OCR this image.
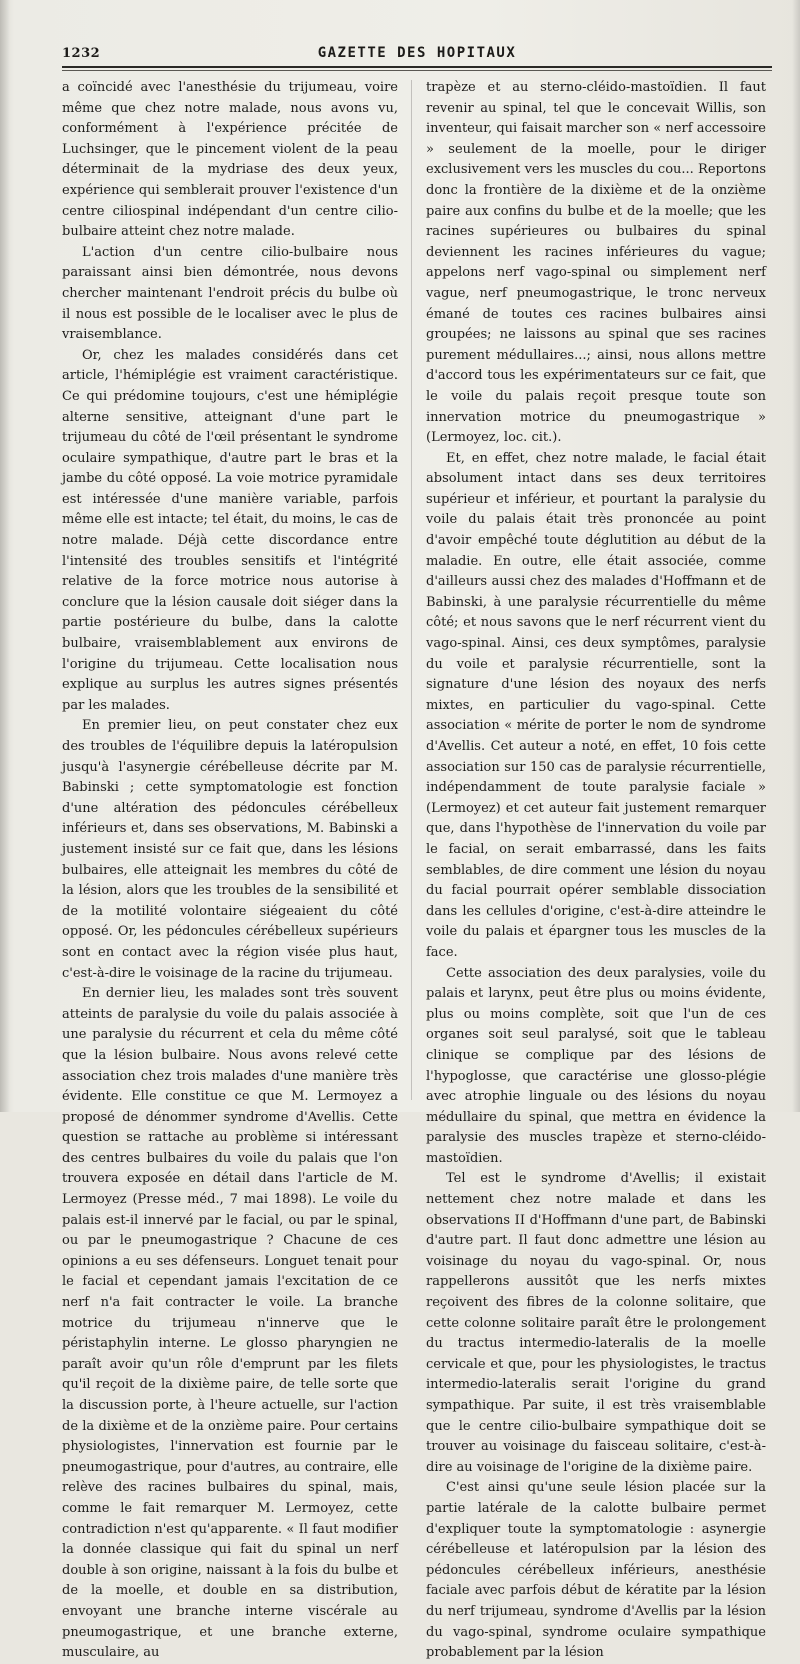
1232	GAZETTE DES HOPITAUX

a coïncidé avec l'anesthésie du trijumeau, voire même que chez notre malade, nous avons vu, conformément à l'expérience précitée de Luchsinger, que le pincement violent de la peau déterminait de la mydriase des deux yeux, expérience qui semblerait prouver l'existence d'un centre ciliospinal indépendant d'un centre cilio-bulbaire atteint chez notre malade.

L'action d'un centre cilio-bulbaire nous paraissant ainsi bien démontrée, nous devons chercher maintenant l'endroit précis du bulbe où il nous est possible de le localiser avec le plus de vraisemblance.

Or, chez les malades considérés dans cet article, l'hémiplégie est vraiment caractéristique. Ce qui prédomine toujours, c'est une hémiplégie alterne sensitive, atteignant d'une part le trijumeau du côté de l'œil présentant le syndrome oculaire sympathique, d'autre part le bras et la jambe du côté opposé. La voie motrice pyramidale est intéressée d'une manière variable, parfois même elle est intacte; tel était, du moins, le cas de notre malade. Déjà cette discordance entre l'intensité des troubles sensitifs et l'intégrité relative de la force motrice nous autorise à conclure que la lésion causale doit siéger dans la partie postérieure du bulbe, dans la calotte bulbaire, vraisemblablement aux environs de l'origine du trijumeau. Cette localisation nous explique au surplus les autres signes présentés par les malades.

En premier lieu, on peut constater chez eux des troubles de l'équilibre depuis la latéropulsion jusqu'à l'asynergie cérébelleuse décrite par M. Babinski ; cette symptomatologie est fonction d'une altération des pédoncules cérébelleux inférieurs et, dans ses observations, M. Babinski a justement insisté sur ce fait que, dans les lésions bulbaires, elle atteignait les membres du côté de la lésion, alors que les troubles de la sensibilité et de la motilité volontaire siégeaient du côté opposé. Or, les pédoncules cérébelleux supérieurs sont en contact avec la région visée plus haut, c'est-à-dire le voisinage de la racine du trijumeau.

En dernier lieu, les malades sont très souvent atteints de paralysie du voile du palais associée à une paralysie du récurrent et cela du même côté que la lésion bulbaire. Nous avons relevé cette association chez trois malades d'une manière très évidente. Elle constitue ce que M. Lermoyez a proposé de dénommer syndrome d'Avellis. Cette question se rattache au problème si intéressant des centres bulbaires du voile du palais que l'on trouvera exposée en détail dans l'article de M. Lermoyez (Presse méd., 7 mai 1898). Le voile du palais est-il innervé par le facial, ou par le spinal, ou par le pneumogastrique ? Chacune de ces opinions a eu ses défenseurs. Longuet tenait pour le facial et cependant jamais l'excitation de ce nerf n'a fait contracter le voile. La branche motrice du trijumeau n'innerve que le péristaphylin interne. Le glosso pharyngien ne paraît avoir qu'un rôle d'emprunt par les filets qu'il reçoit de la dixième paire, de telle sorte que la discussion porte, à l'heure actuelle, sur l'action de la dixième et de la onzième paire. Pour certains physiologistes, l'innervation est fournie par le pneumogastrique, pour d'autres, au contraire, elle relève des racines bulbaires du spinal, mais, comme le fait remarquer M. Lermoyez, cette contradiction n'est qu'apparente. « Il faut modifier la donnée classique qui fait du spinal un nerf double à son origine, naissant à la fois du bulbe et de la moelle, et double en sa distribution, envoyant une branche interne viscérale au pneumogastrique, et une branche externe, musculaire, au

trapèze et au sterno-cléido-mastoïdien. Il faut revenir au spinal, tel que le concevait Willis, son inventeur, qui faisait marcher son « nerf accessoire » seulement de la moelle, pour le diriger exclusivement vers les muscles du cou... Reportons donc la frontière de la dixième et de la onzième paire aux confins du bulbe et de la moelle; que les racines supérieures ou bulbaires du spinal deviennent les racines inférieures du vague; appelons nerf vago-spinal ou simplement nerf vague, nerf pneumogastrique, le tronc nerveux émané de toutes ces racines bulbaires ainsi groupées; ne laissons au spinal que ses racines purement médullaires...; ainsi, nous allons mettre d'accord tous les expérimentateurs sur ce fait, que le voile du palais reçoit presque toute son innervation motrice du pneumogastrique » (Lermoyez, loc. cit.).

Et, en effet, chez notre malade, le facial était absolument intact dans ses deux territoires supérieur et inférieur, et pourtant la paralysie du voile du palais était très prononcée au point d'avoir empêché toute déglutition au début de la maladie. En outre, elle était associée, comme d'ailleurs aussi chez des malades d'Hoffmann et de Babinski, à une paralysie récurrentielle du même côté; et nous savons que le nerf récurrent vient du vago-spinal. Ainsi, ces deux symptômes, paralysie du voile et paralysie récurrentielle, sont la signature d'une lésion des noyaux des nerfs mixtes, en particulier du vago-spinal. Cette association « mérite de porter le nom de syndrome d'Avellis. Cet auteur a noté, en effet, 10 fois cette association sur 150 cas de paralysie récurrentielle, indépendamment de toute paralysie faciale » (Lermoyez) et cet auteur fait justement remarquer que, dans l'hypothèse de l'innervation du voile par le facial, on serait embarrassé, dans les faits semblables, de dire comment une lésion du noyau du facial pourrait opérer semblable dissociation dans les cellules d'origine, c'est-à-dire atteindre le voile du palais et épargner tous les muscles de la face.

Cette association des deux paralysies, voile du palais et larynx, peut être plus ou moins évidente, plus ou moins complète, soit que l'un de ces organes soit seul paralysé, soit que le tableau clinique se complique par des lésions de l'hypoglosse, que caractérise une glosso-plégie avec atrophie linguale ou des lésions du noyau médullaire du spinal, que mettra en évidence la paralysie des muscles trapèze et sterno-cléido-mastoïdien.

Tel est le syndrome d'Avellis; il existait nettement chez notre malade et dans les observations II d'Hoffmann d'une part, de Babinski d'autre part. Il faut donc admettre une lésion au voisinage du noyau du vago-spinal. Or, nous rappellerons aussitôt que les nerfs mixtes reçoivent des fibres de la colonne solitaire, que cette colonne solitaire paraît être le prolongement du tractus intermedio-lateralis de la moelle cervicale et que, pour les physiologistes, le tractus intermedio-lateralis serait l'origine du grand sympathique. Par suite, il est très vraisemblable que le centre cilio-bulbaire sympathique doit se trouver au voisinage du faisceau solitaire, c'est-à-dire au voisinage de l'origine de la dixième paire.

C'est ainsi qu'une seule lésion placée sur la partie latérale de la calotte bulbaire permet d'expliquer toute la symptomatologie : asynergie cérébelleuse et latéropulsion par la lésion des pédoncules cérébelleux inférieurs, anesthésie faciale avec parfois début de kératite par la lésion du nerf trijumeau, syndrome d'Avellis par la lésion du vago-spinal, syndrome oculaire sympathique probablement par la lésion
